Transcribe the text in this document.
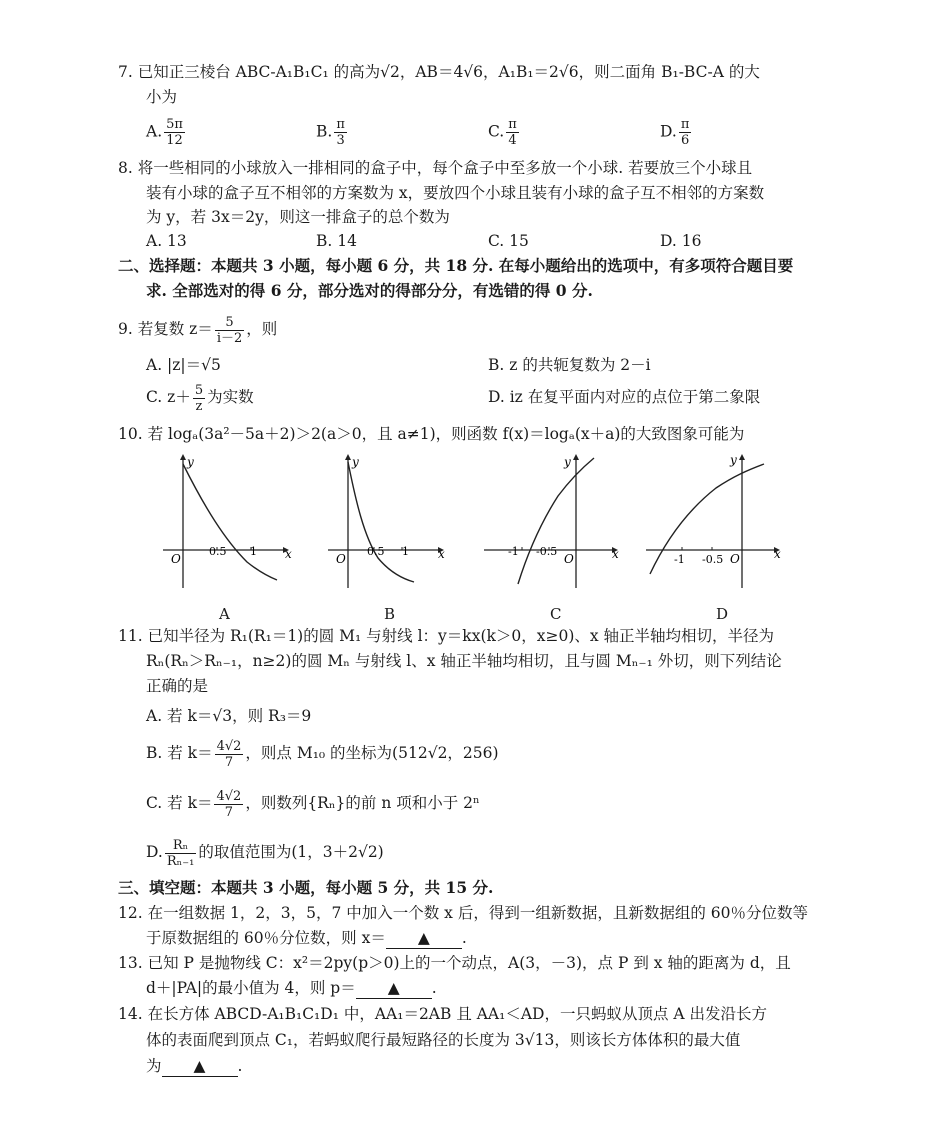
7. 已知正三棱台 ABC-A₁B₁C₁ 的高为√2，AB＝4√6，A₁B₁＝2√6，则二面角 B₁-BC-A 的大
小为
A. $\frac{5\pi}{12}$	B. $\frac{\pi}{3}$	C. $\frac{\pi}{4}$	D. $\frac{\pi}{6}$
8. 将一些相同的小球放入一排相同的盒子中，每个盒子中至多放一个小球. 若要放三个小球且
装有小球的盒子互不相邻的方案数为 x，要放四个小球且装有小球的盒子互不相邻的方案数
为 y，若 3x＝2y，则这一排盒子的总个数为
A. 13	B. 14	C. 15	D. 16
二、选择题：本题共 3 小题，每小题 6 分，共 18 分. 在每小题给出的选项中，有多项符合题目要
求. 全部选对的得 6 分，部分选对的得部分分，有选错的得 0 分.
9. 若复数 $z= \frac{5}{i-2}$ ，则
A. |z|＝√5	B. z 的共轭复数为 2－i
C. $z+ \frac{5}{z}$ 为实数	D. iz 在复平面内对应的点位于第二象限
10. 若 logₐ(3a²－5a＋2)＞2(a＞0，且 a≠1)，则函数 f(x)＝logₐ(x＋a)的大致图象可能为
y
x
O
0.5 1
A
y
x
O
0.5 1
B
y
x
O
-1 -0.5
C
y
x
O
-1 -0.5
D
11. 已知半径为 R₁(R₁＝1)的圆 M₁ 与射线 l：y＝kx(k＞0，x≥0)、x 轴正半轴均相切，半径为
Rₙ(Rₙ＞Rₙ₋₁，n≥2)的圆 Mₙ 与射线 l、x 轴正半轴均相切，且与圆 Mₙ₋₁ 外切，则下列结论
正确的是
A. 若 k＝√3，则 R₃＝9
B. 若 $k= \frac{4√2}{7}$ ，则点 M₁₀ 的坐标为(512√2，256)
C. 若 $k= \frac{4√2}{7}$ ，则数列{Rₙ}的前 n 项和小于 2ⁿ
D. $\frac{\text{Rₙ}}{\text{Rₙ₋₁}}$ 的取值范围为(1，3＋2√2)
三、填空题：本题共 3 小题，每小题 5 分，共 15 分.
12. 在一组数据 1，2，3，5，7 中加入一个数 x 后，得到一组新数据，且新数据组的 60％分位数等
于原数据组的 60％分位数，则 x＝ ▲ .
13. 已知 P 是抛物线 C：x²＝2py(p＞0)上的一个动点，A(3，－3)，点 P 到 x 轴的距离为 d，且
d＋|PA|的最小值为 4，则 p＝ ▲ .
14. 在长方体 ABCD-A₁B₁C₁D₁ 中，AA₁＝2AB 且 AA₁＜AD，一只蚂蚁从顶点 A 出发沿长方
体的表面爬到顶点 C₁，若蚂蚁爬行最短路径的长度为 3√13，则该长方体体积的最大值
为 ▲ .
